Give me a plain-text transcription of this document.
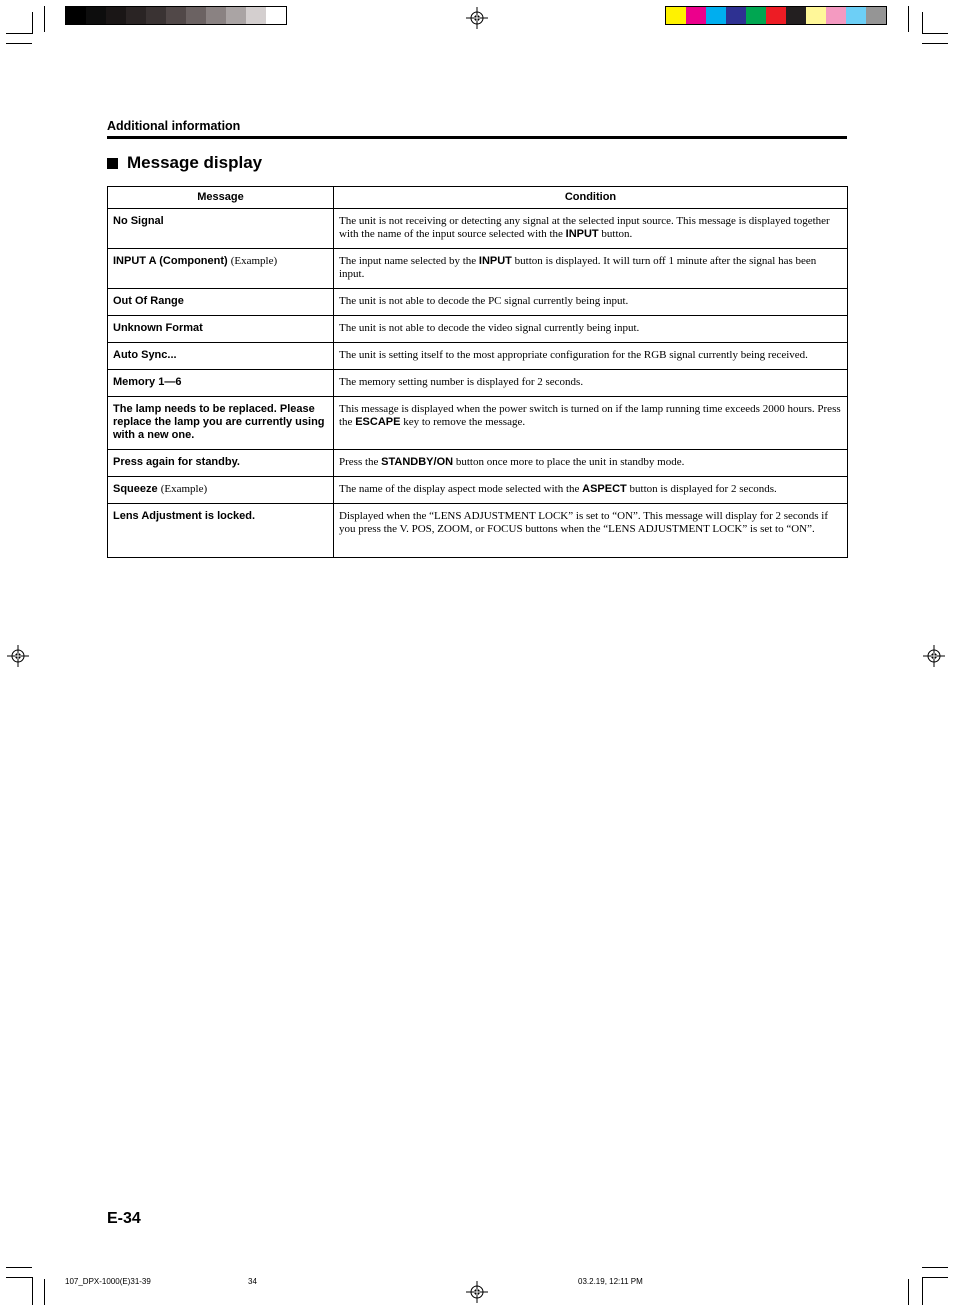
Additional information
Message display
Message	Condition
No Signal	The unit is not receiving or detecting any signal at the selected input source. This message is displayed together with the name of the input source selected with the INPUT button.
INPUT A (Component) (Example)	The input name selected by the INPUT button is displayed. It will turn off 1 minute after the signal has been input.
Out Of Range	The unit is not able to decode the PC signal currently being input.
Unknown Format	The unit is not able to decode the video signal currently being input.
Auto Sync...	The unit is setting itself to the most appropriate configuration for the RGB signal currently being received.
Memory 1—6	The memory setting number is displayed for 2 seconds.
The lamp needs to be replaced. Please replace the lamp you are currently using with a new one.	This message is displayed when the power switch is turned on if the lamp running time exceeds 2000 hours. Press the ESCAPE key to remove the message.
Press again for standby.	Press the STANDBY/ON button once more to place the unit in standby mode.
Squeeze (Example)	The name of the display aspect mode selected with the ASPECT button is displayed for 2 seconds.
Lens Adjustment is locked.	Displayed when the “LENS ADJUSTMENT LOCK” is set to “ON”. This message will display for 2 seconds if you press the V. POS, ZOOM, or FOCUS buttons when the “LENS ADJUSTMENT LOCK” is set to “ON”.
E-34
107_DPX-1000(E)31-39	34	03.2.19, 12:11 PM
